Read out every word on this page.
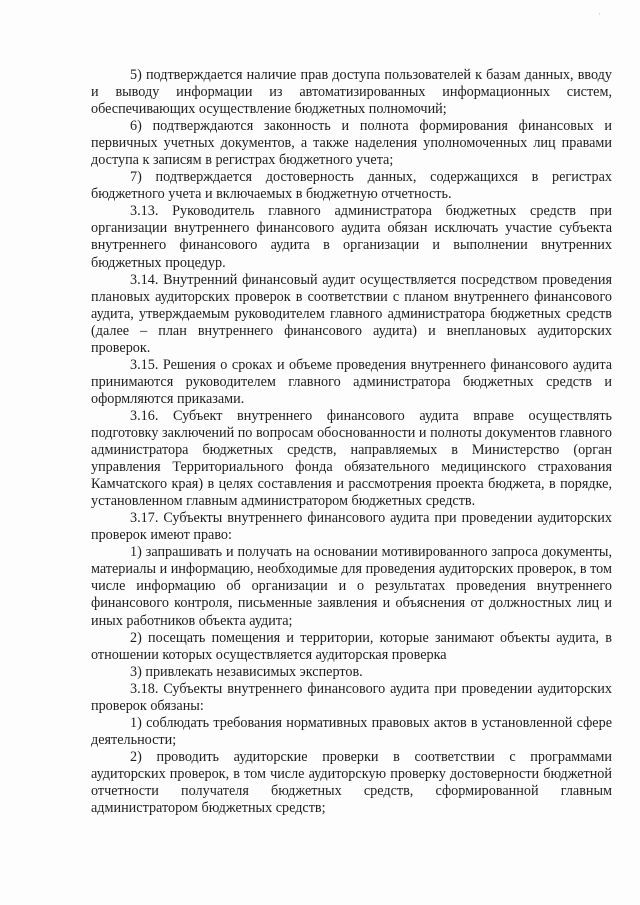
·

5) подтверждается наличие прав доступа пользователей к базам данных, вводу и выводу информации из автоматизированных информационных систем, обеспечивающих осуществление бюджетных полномочий;

6) подтверждаются законность и полнота формирования финансовых и первичных учетных документов, а также наделения уполномоченных лиц правами доступа к записям в регистрах бюджетного учета;

7) подтверждается достоверность данных, содержащихся в регистрах бюджетного учета и включаемых в бюджетную отчетность.

3.13. Руководитель главного администратора бюджетных средств при организации внутреннего финансового аудита обязан исключать участие субъекта внутреннего финансового аудита в организации и выполнении внутренних бюджетных процедур.

3.14. Внутренний финансовый аудит осуществляется посредством проведения плановых аудиторских проверок в соответствии с планом внутреннего финансового аудита, утверждаемым руководителем главного администратора бюджетных средств (далее – план внутреннего финансового аудита) и внеплановых аудиторских проверок.

3.15. Решения о сроках и объеме проведения внутреннего финансового аудита принимаются руководителем главного администратора бюджетных средств и оформляются приказами.

3.16. Субъект внутреннего финансового аудита вправе осуществлять подготовку заключений по вопросам обоснованности и полноты документов главного администратора бюджетных средств, направляемых в Министерство (орган управления Территориального фонда обязательного медицинского страхования Камчатского края) в целях составления и рассмотрения проекта бюджета, в порядке, установленном главным администратором бюджетных средств.

3.17. Субъекты внутреннего финансового аудита при проведении аудиторских проверок имеют право:

1) запрашивать и получать на основании мотивированного запроса документы, материалы и информацию, необходимые для проведения аудиторских проверок, в том числе информацию об организации и о результатах проведения внутреннего финансового контроля, письменные заявления и объяснения от должностных лиц и иных работников объекта аудита;

2) посещать помещения и территории, которые занимают объекты аудита, в отношении которых осуществляется аудиторская проверка

3) привлекать независимых экспертов.

3.18. Субъекты внутреннего финансового аудита при проведении аудиторских проверок обязаны:

1) соблюдать требования нормативных правовых актов в установленной сфере деятельности;

2) проводить аудиторские проверки в соответствии с программами аудиторских проверок, в том числе аудиторскую проверку достоверности бюджетной отчетности получателя бюджетных средств, сформированной главным администратором бюджетных средств;
